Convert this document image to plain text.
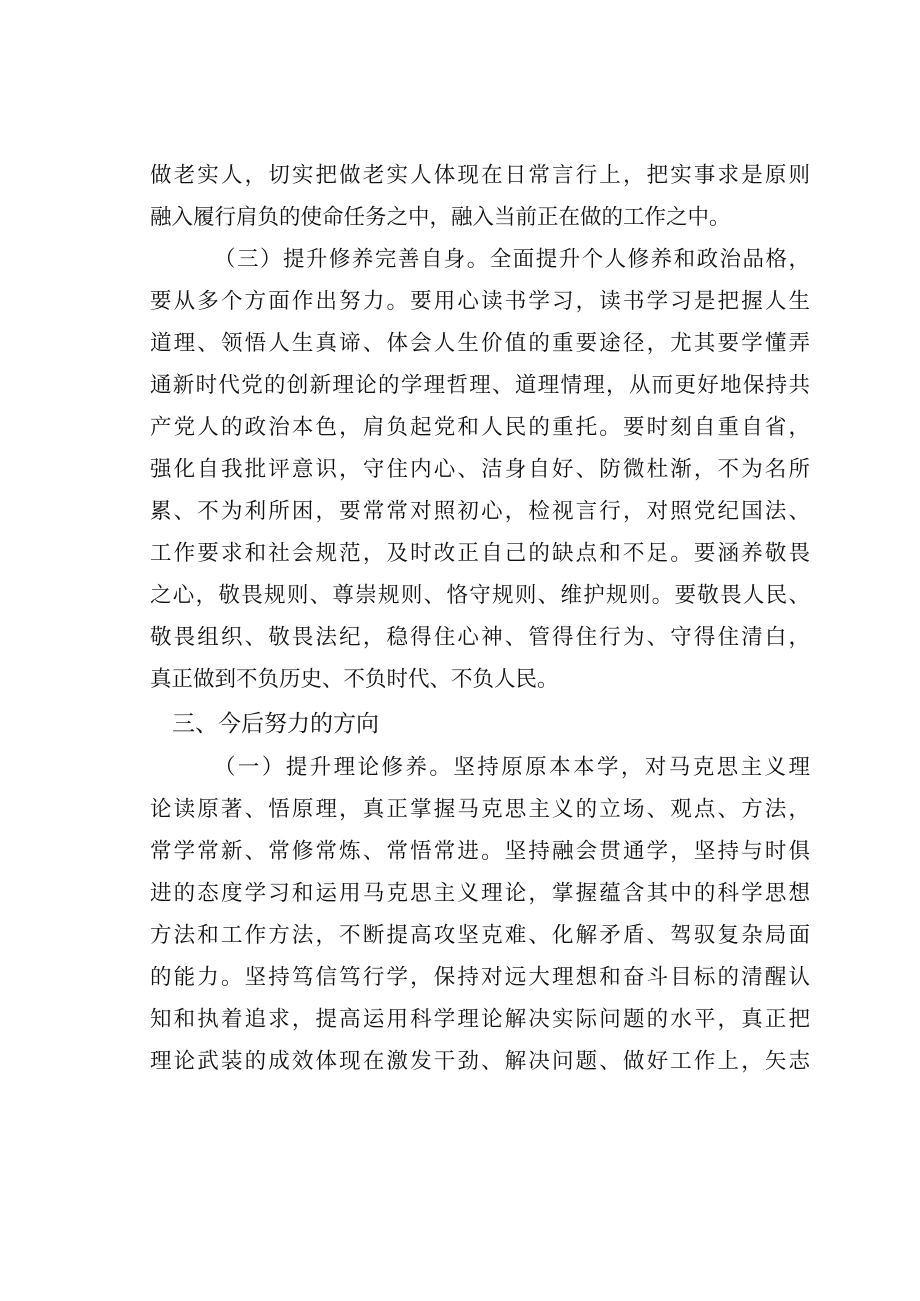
做老实人，切实把做老实人体现在日常言行上，把实事求是原则
融入履行肩负的使命任务之中，融入当前正在做的工作之中。
（三）提升修养完善自身。全面提升个人修养和政治品格，
要从多个方面作出努力。要用心读书学习，读书学习是把握人生
道理、领悟人生真谛、体会人生价值的重要途径，尤其要学懂弄
通新时代党的创新理论的学理哲理、道理情理，从而更好地保持共
产党人的政治本色，肩负起党和人民的重托。要时刻自重自省，
强化自我批评意识，守住内心、洁身自好、防微杜渐，不为名所
累、不为利所困，要常常对照初心，检视言行，对照党纪国法、
工作要求和社会规范，及时改正自己的缺点和不足。要涵养敬畏
之心，敬畏规则、尊崇规则、恪守规则、维护规则。要敬畏人民、
敬畏组织、敬畏法纪，稳得住心神、管得住行为、守得住清白，
真正做到不负历史、不负时代、不负人民。
三、今后努力的方向
（一）提升理论修养。坚持原原本本学，对马克思主义理
论读原著、悟原理，真正掌握马克思主义的立场、观点、方法，
常学常新、常修常炼、常悟常进。坚持融会贯通学，坚持与时俱
进的态度学习和运用马克思主义理论，掌握蕴含其中的科学思想
方法和工作方法，不断提高攻坚克难、化解矛盾、驾驭复杂局面
的能力。坚持笃信笃行学，保持对远大理想和奋斗目标的清醒认
知和执着追求，提高运用科学理论解决实际问题的水平，真正把
理论武装的成效体现在激发干劲、解决问题、做好工作上，矢志
